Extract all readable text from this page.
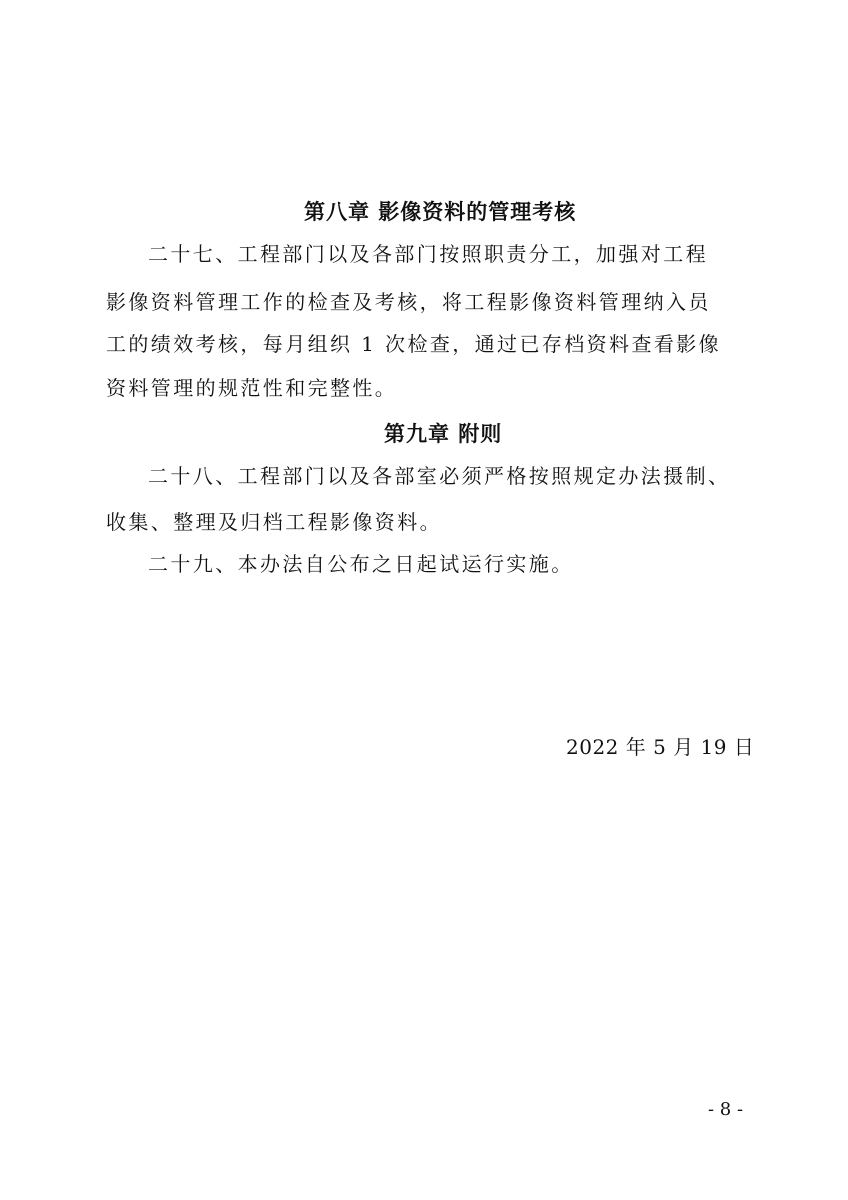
第八章 影像资料的管理考核
二十七、工程部门以及各部门按照职责分工，加强对工程
影像资料管理工作的检查及考核，将工程影像资料管理纳入员
工的绩效考核，每月组织 1 次检查，通过已存档资料查看影像
资料管理的规范性和完整性。
第九章 附则
二十八、工程部门以及各部室必须严格按照规定办法摄制、
收集、整理及归档工程影像资料。
二十九、本办法自公布之日起试运行实施。
2022 年 5 月 19 日
- 8 -
